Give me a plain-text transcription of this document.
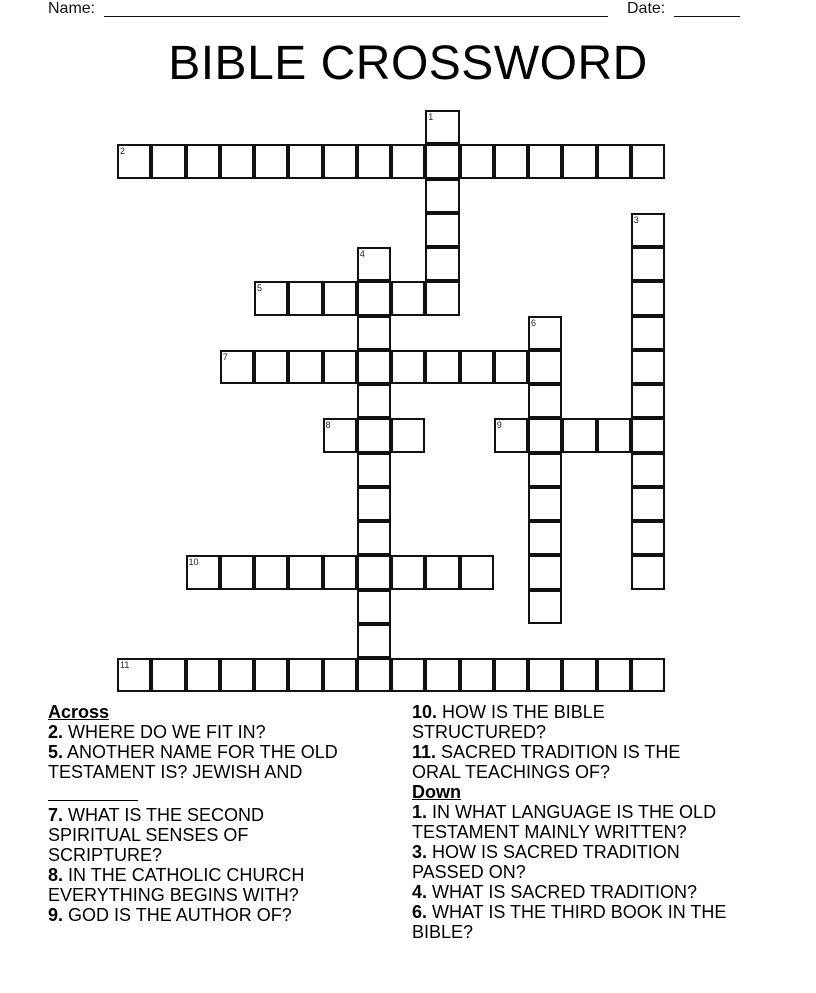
Name:	Date:
BIBLE CROSSWORD
1
2
3
4
5
6
7
8	9
10
11
Across
2. WHERE DO WE FIT IN?
5. ANOTHER NAME FOR THE OLD TESTAMENT IS? JEWISH AND

7. WHAT IS THE SECOND SPIRITUAL SENSES OF SCRIPTURE?
8. IN THE CATHOLIC CHURCH EVERYTHING BEGINS WITH?
9. GOD IS THE AUTHOR OF?
10. HOW IS THE BIBLE STRUCTURED?
11. SACRED TRADITION IS THE ORAL TEACHINGS OF?
Down
1. IN WHAT LANGUAGE IS THE OLD TESTAMENT MAINLY WRITTEN?
3. HOW IS SACRED TRADITION PASSED ON?
4. WHAT IS SACRED TRADITION?
6. WHAT IS THE THIRD BOOK IN THE BIBLE?
